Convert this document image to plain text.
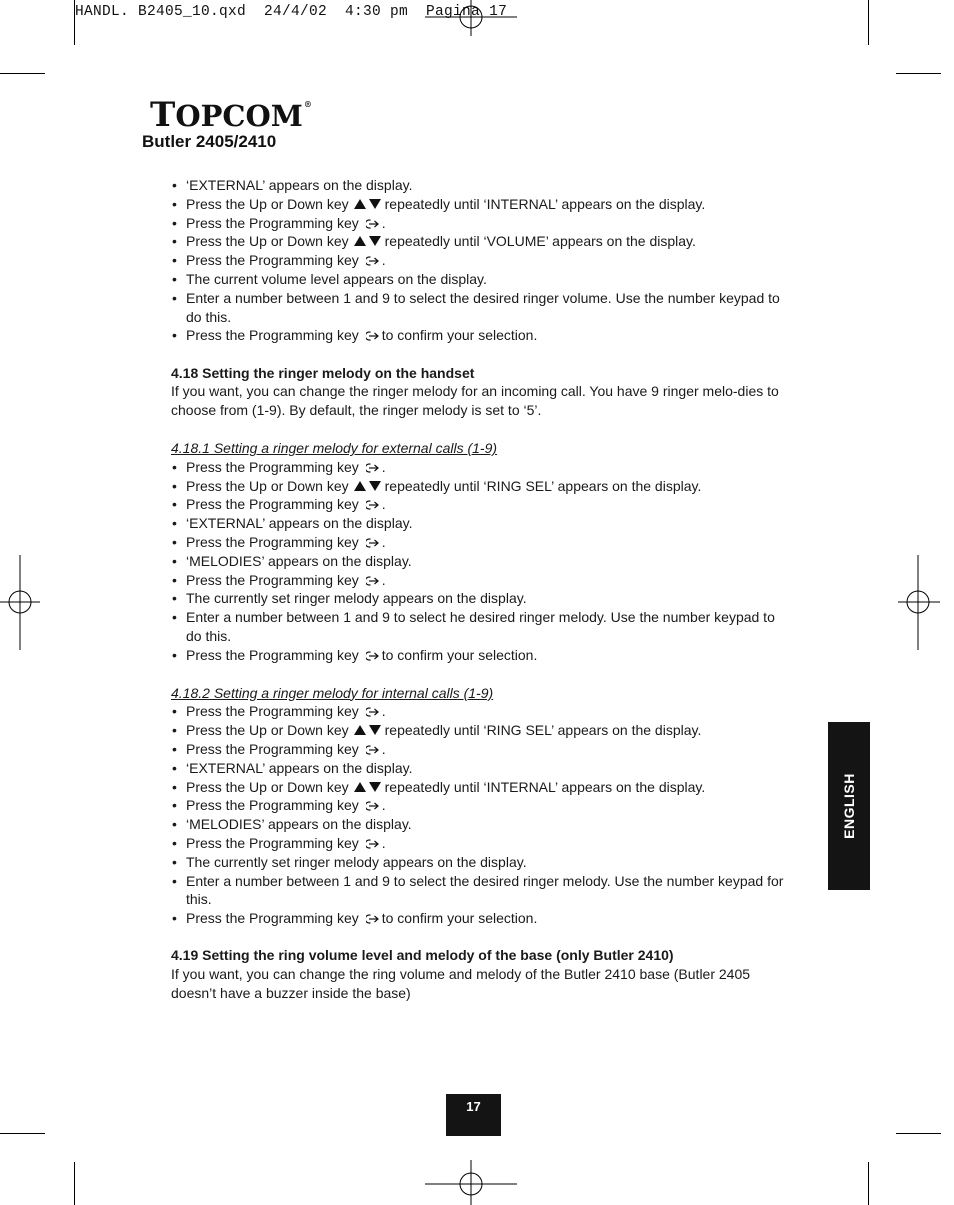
HANDL. B2405_10.qxd  24/4/02  4:30 pm  Pagina 17
TOPCOM®
Butler 2405/2410
• ‘EXTERNAL’ appears on the display.
• Press the Up or Down key	repeatedly until ‘INTERNAL’ appears on the display.
• Press the Programming key .
• Press the Up or Down key	repeatedly until ‘VOLUME’ appears on the display.
• Press the Programming key .
• The current volume level appears on the display.
• Enter a number between 1 and 9 to select the desired ringer volume. Use the number keypad to do this.
• Press the Programming key to confirm your selection.
4.18 Setting the ringer melody on the handset

If you want, you can change the ringer melody for an incoming call. You have 9 ringer melo-dies to choose from (1-9). By default, the ringer melody is set to ‘5’.

4.18.1 Setting a ringer melody for external calls (1-9)
• Press the Programming key .
• Press the Up or Down key	repeatedly until ‘RING SEL’ appears on the display.
• Press the Programming key .
• ‘EXTERNAL’ appears on the display.
• Press the Programming key .
• ‘MELODIES’ appears on the display.
• Press the Programming key .
• The currently set ringer melody appears on the display.
• Enter a number between 1 and 9 to select he desired ringer melody. Use the number keypad to do this.
• Press the Programming key to confirm your selection.
4.18.2 Setting a ringer melody for internal calls (1-9)
• Press the Programming key .
• Press the Up or Down key	repeatedly until ‘RING SEL’ appears on the display.
• Press the Programming key .
• ‘EXTERNAL’ appears on the display.
• Press the Up or Down key	repeatedly until ‘INTERNAL’ appears on the display.
• Press the Programming key .
• ‘MELODIES’ appears on the display.
• Press the Programming key .
• The currently set ringer melody appears on the display.
• Enter a number between 1 and 9 to select the desired ringer melody. Use the number keypad for this.
• Press the Programming key to confirm your selection.
4.19 Setting the ring volume level and melody of the base (only Butler 2410)

If you want, you can change the ring volume and melody of the Butler 2410 base (Butler 2405 doesn’t have a buzzer inside the base)

ENGLISH
17
